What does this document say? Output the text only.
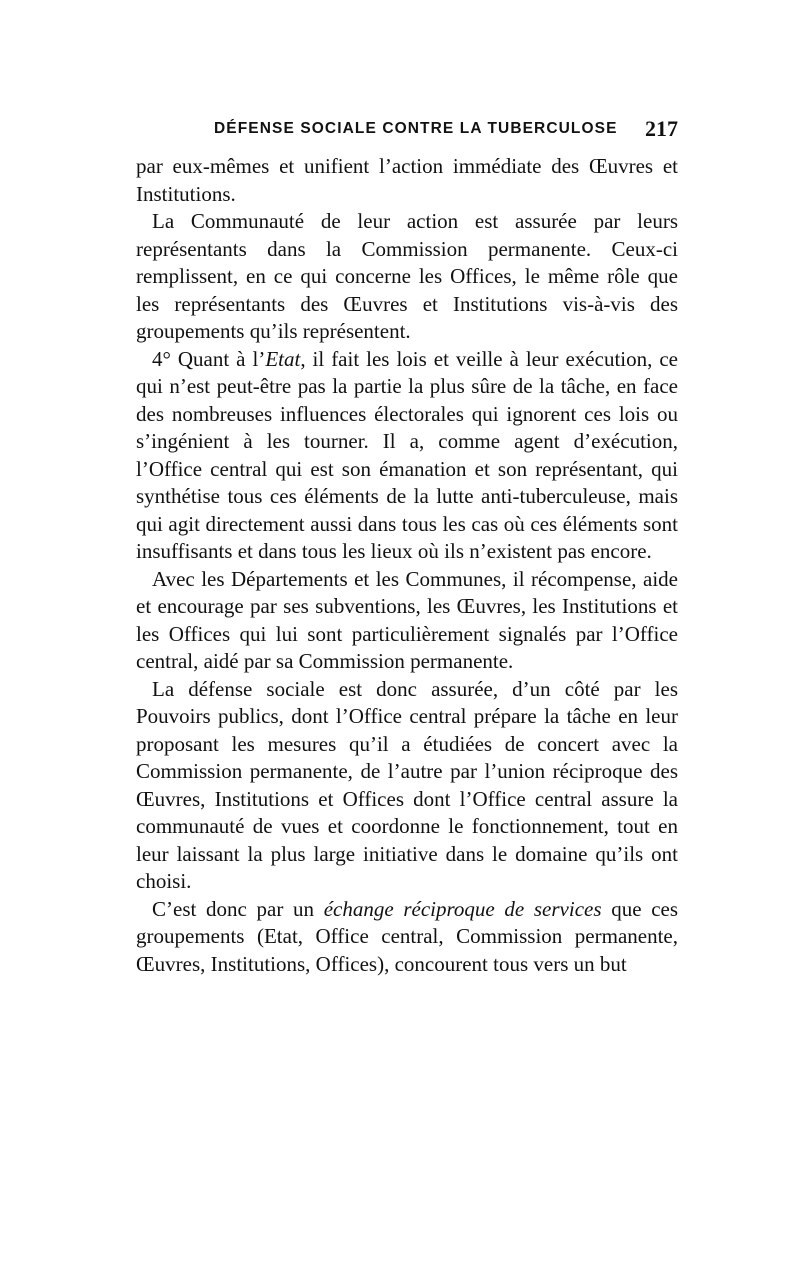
DÉFENSE SOCIALE CONTRE LA TUBERCULOSE 217

par eux-mêmes et unifient l’action immédiate des Œuvres et Institutions.

La Communauté de leur action est assurée par leurs représentants dans la Commission permanente. Ceux-ci remplissent, en ce qui concerne les Offices, le même rôle que les représentants des Œuvres et Institutions vis-à-vis des groupements qu’ils représentent.

4° Quant à l’Etat, il fait les lois et veille à leur exécution, ce qui n’est peut-être pas la partie la plus sûre de la tâche, en face des nombreuses influences électorales qui ignorent ces lois ou s’ingénient à les tourner. Il a, comme agent d’exécution, l’Office central qui est son émanation et son représentant, qui synthétise tous ces éléments de la lutte anti-tuberculeuse, mais qui agit directement aussi dans tous les cas où ces éléments sont insuffisants et dans tous les lieux où ils n’existent pas encore.

Avec les Départements et les Communes, il récompense, aide et encourage par ses subventions, les Œuvres, les Institutions et les Offices qui lui sont particulièrement signalés par l’Office central, aidé par sa Commission permanente.

La défense sociale est donc assurée, d’un côté par les Pouvoirs publics, dont l’Office central prépare la tâche en leur proposant les mesures qu’il a étudiées de concert avec la Commission permanente, de l’autre par l’union réciproque des Œuvres, Institutions et Offices dont l’Office central assure la communauté de vues et coordonne le fonctionnement, tout en leur laissant la plus large initiative dans le domaine qu’ils ont choisi.

C’est donc par un échange réciproque de services que ces groupements (Etat, Office central, Commission permanente, Œuvres, Institutions, Offices), concourent tous vers un but
